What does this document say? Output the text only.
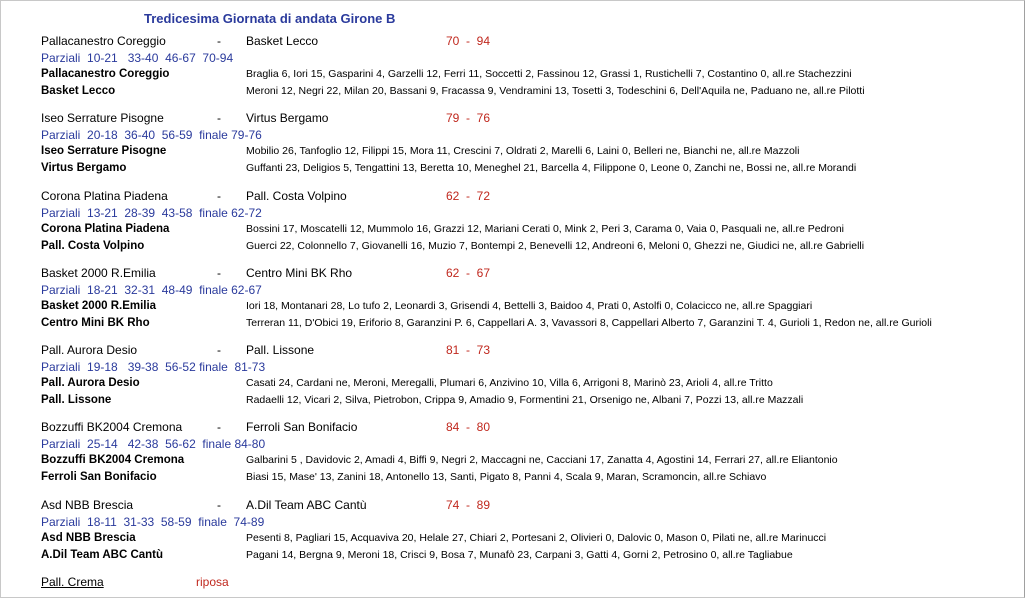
Tredicesima Giornata di andata Girone B
Pallacanestro Coreggio	- Basket Lecco	70  -  94
Parziali  10-21   33-40  46-67  70-94
Pallacanestro Coreggio	Braglia 6, Iori 15, Gasparini 4, Garzelli 12, Ferri 11, Soccetti 2, Fassinou 12, Grassi 1, Rustichelli 7, Costantino 0, all.re Stachezzini
Basket Lecco	Meroni 12, Negri 22, Milan 20, Bassani 9, Fracassa 9, Vendramini 13, Tosetti 3, Todeschini 6, Dell'Aquila ne, Paduano ne, all.re Pilotti
Iseo Serrature Pisogne	- Virtus Bergamo	79  -  76
Parziali  20-18  36-40  56-59  finale 79-76
Iseo Serrature Pisogne	Mobilio 26, Tanfoglio 12, Filippi 15, Mora 11, Crescini 7, Oldrati 2, Marelli 6, Laini 0, Belleri ne, Bianchi ne, all.re Mazzoli
Virtus Bergamo	Guffanti 23, Deligios 5, Tengattini 13, Beretta 10, Meneghel 21, Barcella 4, Filippone 0, Leone 0, Zanchi ne, Bossi ne, all.re Morandi
Corona Platina Piadena	- Pall. Costa Volpino	62  -  72
Parziali  13-21  28-39  43-58  finale 62-72
Corona Platina Piadena	Bossini 17, Moscatelli 12, Mummolo 16, Grazzi 12, Mariani Cerati 0, Mink 2, Peri 3, Carama 0, Vaia 0, Pasquali ne, all.re Pedroni
Pall. Costa Volpino	Guerci 22, Colonnello 7, Giovanelli 16, Muzio 7, Bontempi 2, Benevelli 12, Andreoni 6, Meloni 0, Ghezzi ne, Giudici ne, all.re Gabrielli
Basket 2000 R.Emilia	- Centro Mini BK Rho	62  -  67
Parziali  18-21  32-31  48-49  finale 62-67
Basket 2000 R.Emilia	Iori 18, Montanari 28, Lo tufo 2, Leonardi 3, Grisendi 4, Bettelli 3, Baidoo 4, Prati 0, Astolfi 0, Colacicco ne, all.re Spaggiari
Centro Mini BK Rho	Terreran 11, D'Obici 19, Eriforio 8, Garanzini P. 6, Cappellari A. 3, Vavassori 8, Cappellari Alberto 7, Garanzini T. 4, Gurioli 1, Redon ne, all.re Gurioli
Pall. Aurora Desio	- Pall. Lissone	81  -  73
Parziali  19-18   39-38  56-52 finale  81-73
Pall. Aurora Desio	Casati 24, Cardani ne, Meroni, Meregalli, Plumari 6, Anzivino 10, Villa 6, Arrigoni 8, Marinò 23, Arioli 4, all.re Tritto
Pall. Lissone	Radaelli 12, Vicari 2, Silva, Pietrobon, Crippa 9, Amadio 9, Formentini 21, Orsenigo ne, Albani 7, Pozzi 13, all.re Mazzali
Bozzuffi BK2004 Cremona	- Ferroli San Bonifacio	84  -  80
Parziali  25-14   42-38  56-62  finale 84-80
Bozzuffi BK2004 Cremona	Galbarini 5 , Davidovic 2, Amadi 4, Biffi 9, Negri 2, Maccagni ne, Cacciani 17, Zanatta 4, Agostini 14, Ferrari 27, all.re Eliantonio
Ferroli San Bonifacio	Biasi 15, Mase' 13, Zanini 18, Antonello 13, Santi, Pigato 8, Panni 4, Scala 9, Maran, Scramoncin, all.re Schiavo
Asd NBB Brescia	- A.Dil Team ABC Cantù	74  -  89
Parziali  18-11  31-33  58-59  finale  74-89
Asd NBB Brescia	Pesenti 8, Pagliari 15, Acquaviva 20, Helale 27, Chiari 2, Portesani 2, Olivieri 0, Dalovic 0, Mason 0, Pilati ne, all.re Marinucci
A.Dil Team ABC Cantù	Pagani 14, Bergna 9, Meroni 18, Crisci 9, Bosa 7, Munafò 23, Carpani 3, Gatti 4, Gorni 2, Petrosino 0, all.re Tagliabue
Pall. Crema	riposa
